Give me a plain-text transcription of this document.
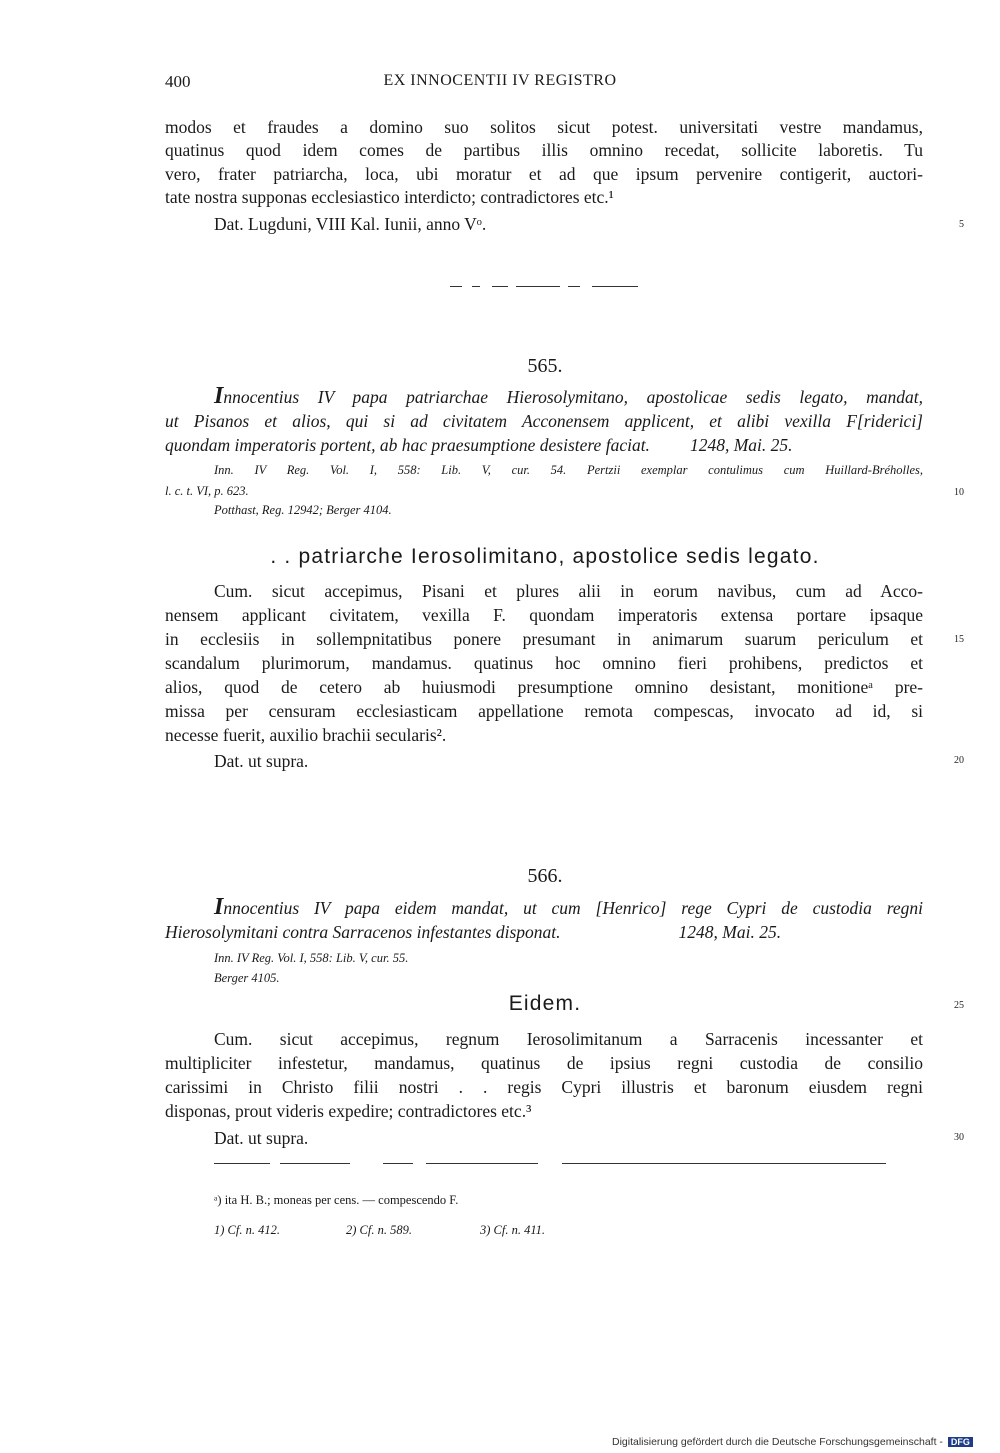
400	EX INNOCENTII IV REGISTRO
modos et fraudes a domino suo solitos sicut potest. universitati vestre mandamus,
quatinus quod idem comes de partibus illis omnino recedat, sollicite laboretis. Tu
vero, frater patriarcha, loca, ubi moratur et ad que ipsum pervenire contigerit, auctori-
tate nostra supponas ecclesiastico interdicto; contradictores etc.¹
Dat. Lugduni, VIII Kal. Iunii, anno Vᵒ.	5
565.
Innocentius IV papa patriarchae Hierosolymitano, apostolicae sedis legato, mandat,
ut Pisanos et alios, qui si ad civitatem Acconensem applicent, et alibi vexilla F[riderici]
quondam imperatoris portent, ab hac praesumptione desistere faciat. 1248, Mai. 25.
Inn. IV Reg. Vol. I, 558: Lib. V, cur. 54. Pertzii exemplar contulimus cum Huillard-Bréholles,
l. c. t. VI, p. 623.	10
Potthast, Reg. 12942; Berger 4104.
. . patriarche Ierosolimitano, apostolice sedis legato.
Cum. sicut accepimus, Pisani et plures alii in eorum navibus, cum ad Acco-
nensem applicant civitatem, vexilla F. quondam imperatoris extensa portare ipsaque
in ecclesiis in sollempnitatibus ponere presumant in animarum suarum periculum et	15
scandalum plurimorum, mandamus. quatinus hoc omnino fieri prohibens, predictos et
alios, quod de cetero ab huiusmodi presumptione omnino desistant, monitioneᵃ pre-
missa per censuram ecclesiasticam appellatione remota compescas, invocato ad id, si
necesse fuerit, auxilio brachii secularis².
Dat. ut supra.	20
566.
Innocentius IV papa eidem mandat, ut cum [Henrico] rege Cypri de custodia regni
Hierosolymitani contra Sarracenos infestantes disponat.	1248, Mai. 25.
Inn. IV Reg. Vol. I, 558: Lib. V, cur. 55.
Berger 4105.
Eidem.	25
Cum. sicut accepimus, regnum Ierosolimitanum a Sarracenis incessanter et
multipliciter infestetur, mandamus, quatinus de ipsius regni custodia de consilio
carissimi in Christo filii nostri . . regis Cypri illustris et baronum eiusdem regni
disponas, prout videris expedire; contradictores etc.³
Dat. ut supra.	30
ᵃ) ita H. B.; moneas per cens. — compescendo F.
1) Cf. n. 412.	2) Cf. n. 589.	3) Cf. n. 411.
Digitalisierung gefördert durch die Deutsche Forschungsgemeinschaft - DFG
